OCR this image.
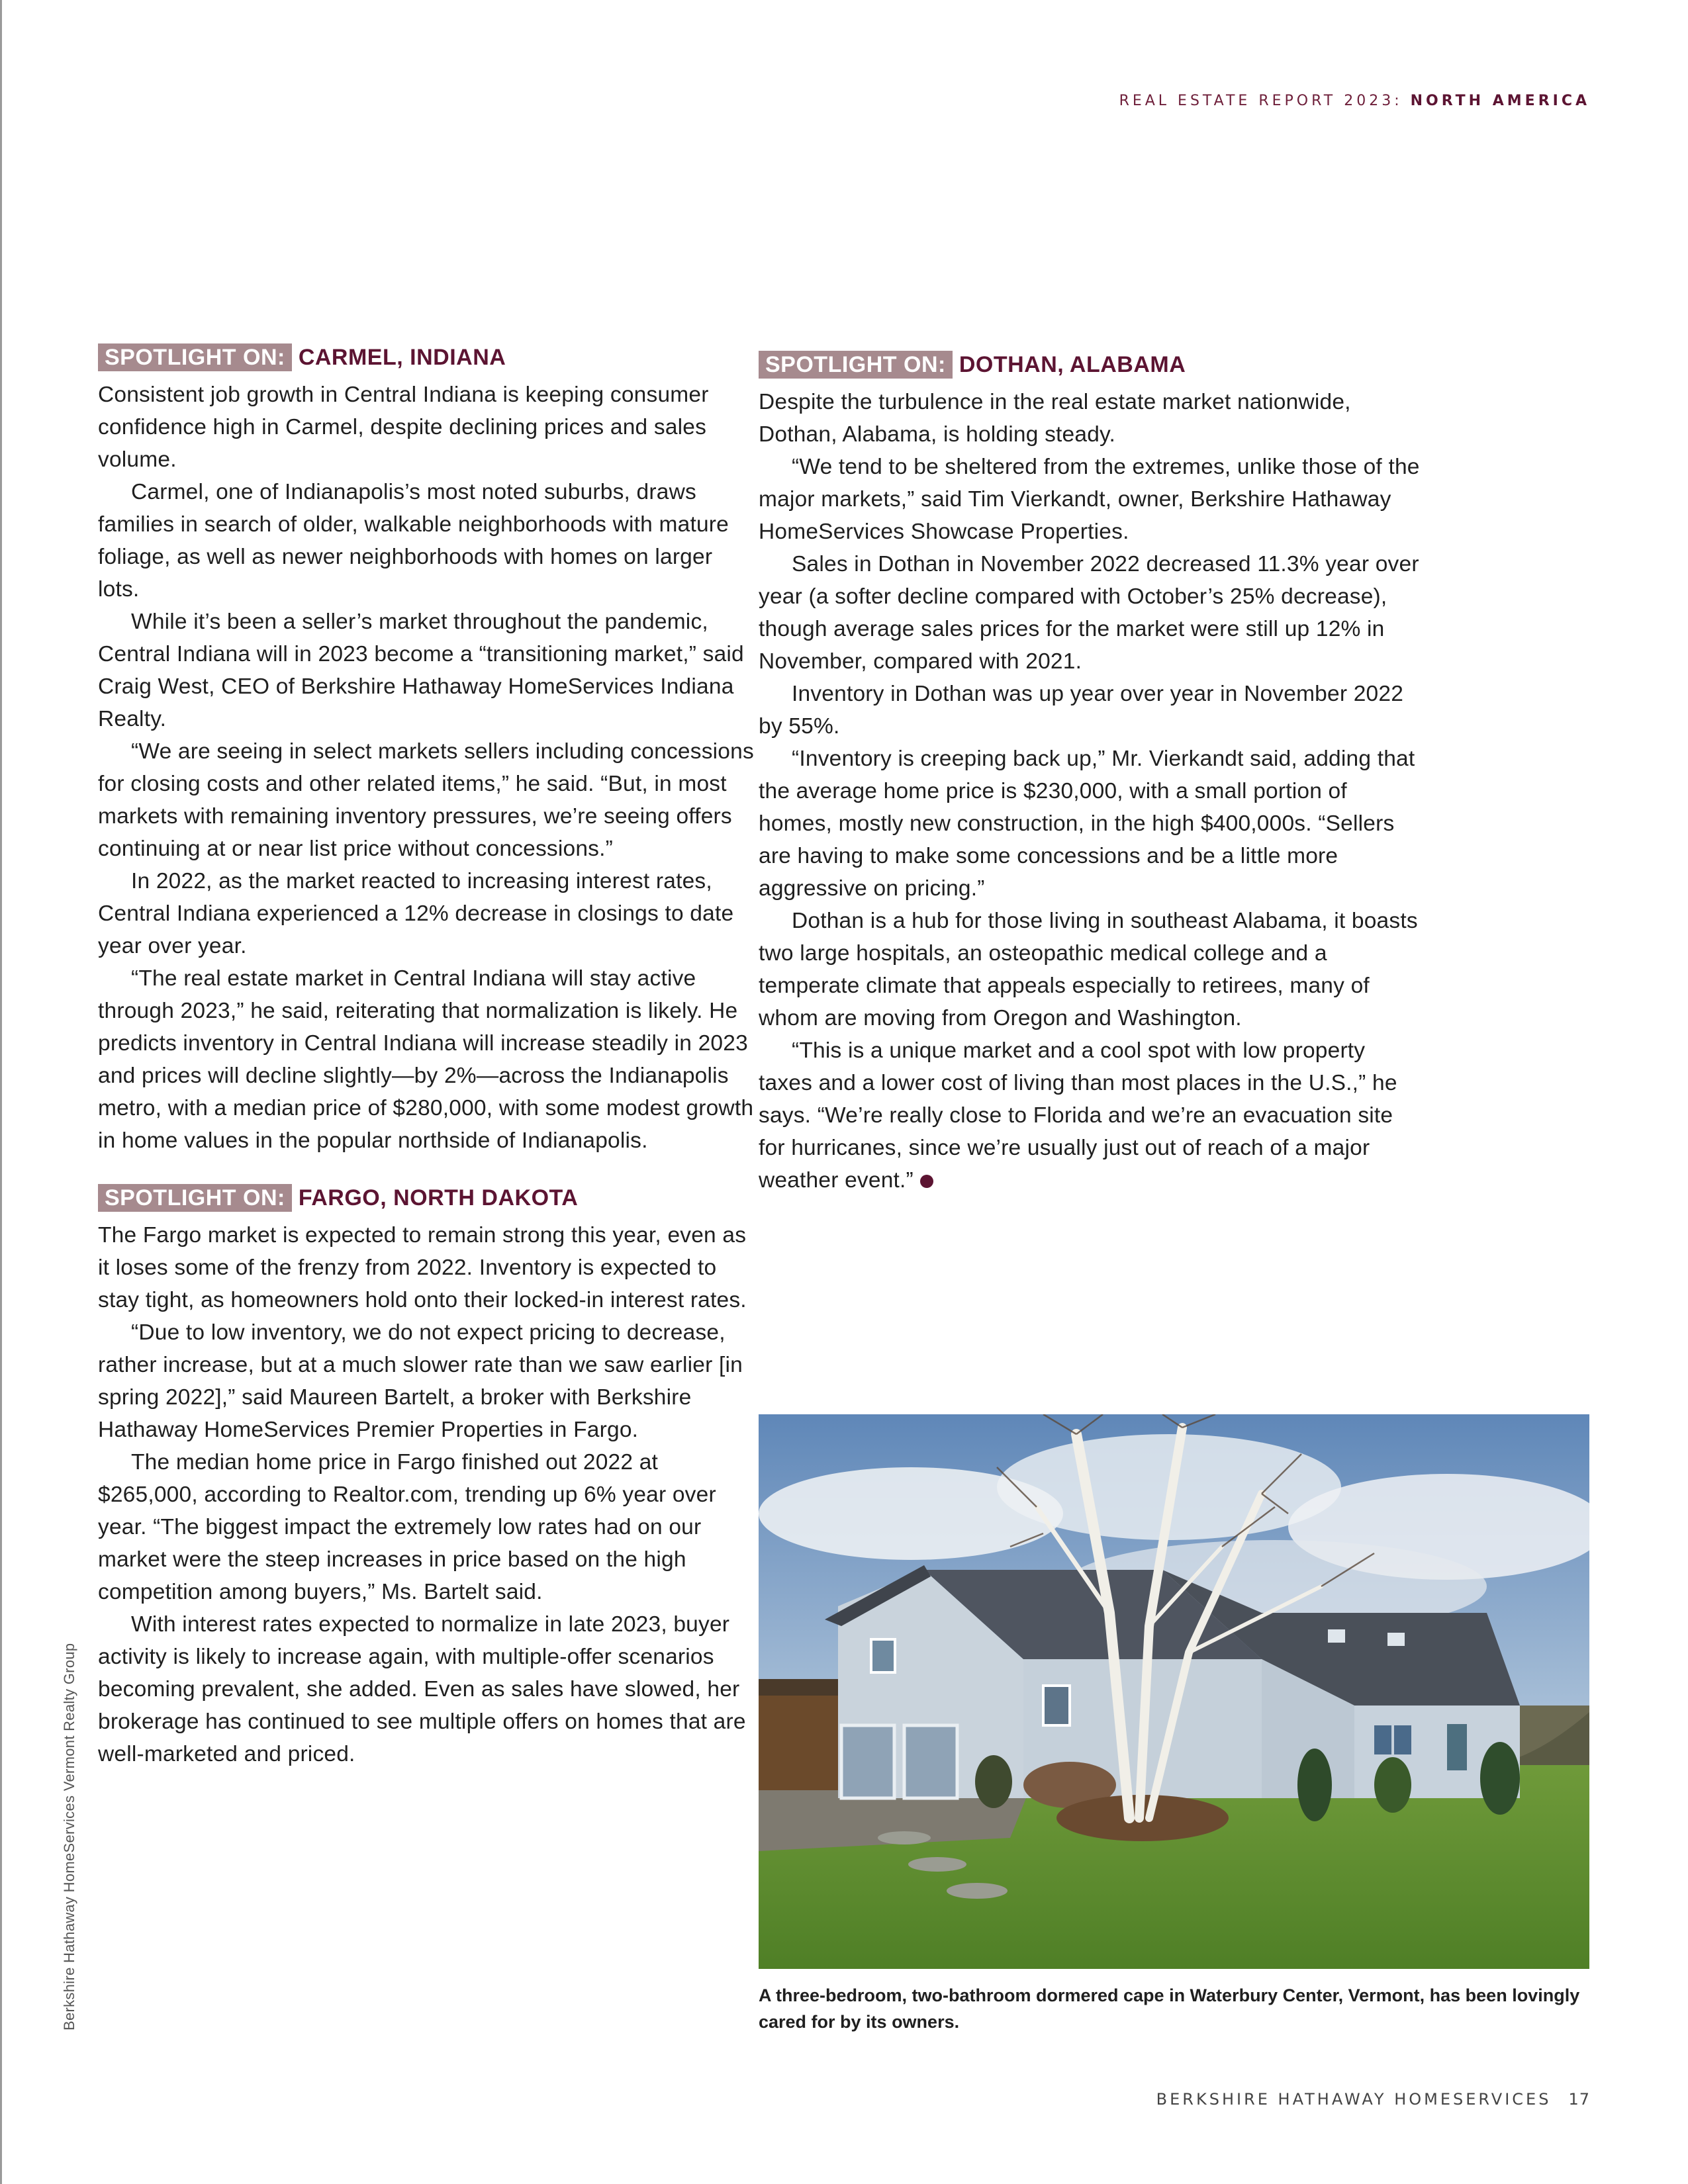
REAL ESTATE REPORT 2023: NORTH AMERICA
SPOTLIGHT ON: CARMEL, INDIANA

Consistent job growth in Central Indiana is keeping consumer confidence high in Carmel, despite declining prices and sales volume.

Carmel, one of Indianapolis’s most noted suburbs, draws families in search of older, walkable neighborhoods with mature foliage, as well as newer neighborhoods with homes on larger lots.

While it’s been a seller’s market throughout the pandemic, Central Indiana will in 2023 become a “transitioning market,” said Craig West, CEO of Berkshire Hathaway HomeServices Indiana Realty.

“We are seeing in select markets sellers including concessions for closing costs and other related items,” he said. “But, in most markets with remaining inventory pressures, we’re seeing offers continuing at or near list price without concessions.”

In 2022, as the market reacted to increasing interest rates, Central Indiana experienced a 12% decrease in closings to date year over year.

“The real estate market in Central Indiana will stay active through 2023,” he said, reiterating that normalization is likely. He predicts inventory in Central Indiana will increase steadily in 2023 and prices will decline slightly—by 2%—across the Indianapolis metro, with a median price of $280,000, with some modest growth in home values in the popular northside of Indianapolis.

SPOTLIGHT ON: FARGO, NORTH DAKOTA

The Fargo market is expected to remain strong this year, even as it loses some of the frenzy from 2022. Inventory is expected to stay tight, as homeowners hold onto their locked-in interest rates.

“Due to low inventory, we do not expect pricing to decrease, rather increase, but at a much slower rate than we saw earlier [in spring 2022],” said Maureen Bartelt, a broker with Berkshire Hathaway HomeServices Premier Properties in Fargo.

The median home price in Fargo finished out 2022 at $265,000, according to Realtor.com, trending up 6% year over year. “The biggest impact the extremely low rates had on our market were the steep increases in price based on the high competition among buyers,” Ms. Bartelt said.

With interest rates expected to normalize in late 2023, buyer activity is likely to increase again, with multiple-offer scenarios becoming prevalent, she added. Even as sales have slowed, her brokerage has continued to see multiple offers on homes that are well-marketed and priced.

SPOTLIGHT ON: DOTHAN, ALABAMA

Despite the turbulence in the real estate market nationwide, Dothan, Alabama, is holding steady.

“We tend to be sheltered from the extremes, unlike those of the major markets,” said Tim Vierkandt, owner, Berkshire Hathaway HomeServices Showcase Properties.

Sales in Dothan in November 2022 decreased 11.3% year over year (a softer decline compared with October’s 25% decrease), though average sales prices for the market were still up 12% in November, compared with 2021.

Inventory in Dothan was up year over year in November 2022 by 55%.

“Inventory is creeping back up,” Mr. Vierkandt said, adding that the average home price is $230,000, with a small portion of homes, mostly new construction, in the high $400,000s. “Sellers are having to make some concessions and be a little more aggressive on pricing.”

Dothan is a hub for those living in southeast Alabama, it boasts two large hospitals, an osteopathic medical college and a temperate climate that appeals especially to retirees, many of whom are moving from Oregon and Washington.

“This is a unique market and a cool spot with low property taxes and a lower cost of living than most places in the U.S.,” he says. “We’re really close to Florida and we’re an evacuation site for hurricanes, since we’re usually just out of reach of a major weather event.”

A three-bedroom, two-bathroom dormered cape in Waterbury Center, Vermont, has been lovingly cared for by its owners.

Berkshire Hathaway HomeServices Vermont Realty Group
BERKSHIRE HATHAWAY HOMESERVICES 17
